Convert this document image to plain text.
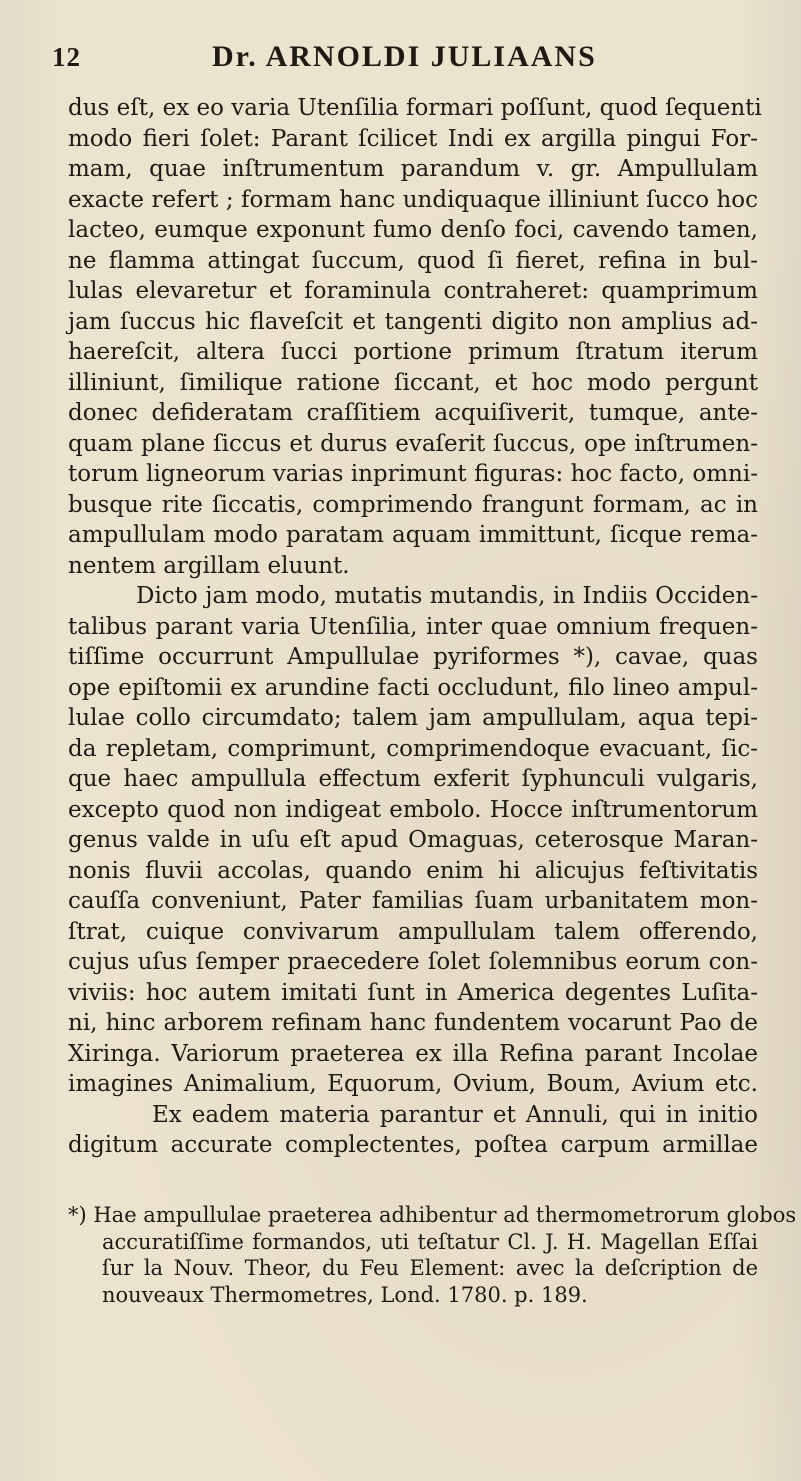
12	Dr. ARNOLDI JULIAANS
dus eſt, ex eo varia Utenſilia formari poſſunt, quod ſequenti
modo fieri ſolet: Parant ſcilicet Indi ex argilla pingui For-
mam, quae inſtrumentum parandum v. gr. Ampullulam
exacte refert ; formam hanc undiquaque illiniunt ſucco hoc
lacteo, eumque exponunt fumo denſo foci, cavendo tamen,
ne flamma attingat ſuccum, quod ſi fieret, refina in bul-
lulas elevaretur et foraminula contraheret: quamprimum
jam ſuccus hic flaveſcit et tangenti digito non amplius ad-
haereſcit, altera ſucci portione primum ſtratum iterum
illiniunt, ſimilique ratione ſiccant, et hoc modo pergunt
donec defideratam craſſitiem acquiſiverit, tumque, ante-
quam plane ſiccus et durus evaſerit ſuccus, ope inſtrumen-
torum ligneorum varias inprimunt figuras: hoc facto, omni-
busque rite ſiccatis, comprimendo frangunt formam, ac in
ampullulam modo paratam aquam immittunt, ſicque rema-
nentem argillam eluunt.
Dicto jam modo, mutatis mutandis, in Indiis Occiden-
talibus parant varia Utenſilia, inter quae omnium frequen-
tiſſime occurrunt Ampullulae pyriformes *), cavae, quas
ope epiſtomii ex arundine facti occludunt, filo lineo ampul-
lulae collo circumdato; talem jam ampullulam, aqua tepi-
da repletam, comprimunt, comprimendoque evacuant, ſic-
que haec ampullula effectum exferit ſyphunculi vulgaris,
excepto quod non indigeat embolo. Hocce inſtrumentorum
genus valde in uſu eſt apud Omaguas, ceterosque Maran-
nonis fluvii accolas, quando enim hi alicujus feſtivitatis
cauſſa conveniunt, Pater familias ſuam urbanitatem mon-
ſtrat, cuique convivarum ampullulam talem offerendo,
cujus uſus ſemper praecedere ſolet ſolemnibus eorum con-
viviis: hoc autem imitati ſunt in America degentes Luſita-
ni, hinc arborem refinam hanc fundentem vocarunt Pao de
Xiringa. Variorum praeterea ex illa Refina parant Incolae
imagines Animalium, Equorum, Ovium, Boum, Avium etc.
Ex eadem materia parantur et Annuli, qui in initio
digitum accurate complectentes, poſtea carpum armillae
*) Hae ampullulae praeterea adhibentur ad thermometrorum globos
accuratiſſime formandos, uti teſtatur Cl. J. H. Magellan Eſſai
ſur la Nouv. Theor, du Feu Element: avec la deſcription de
nouveaux Thermometres, Lond. 1780. p. 189.
